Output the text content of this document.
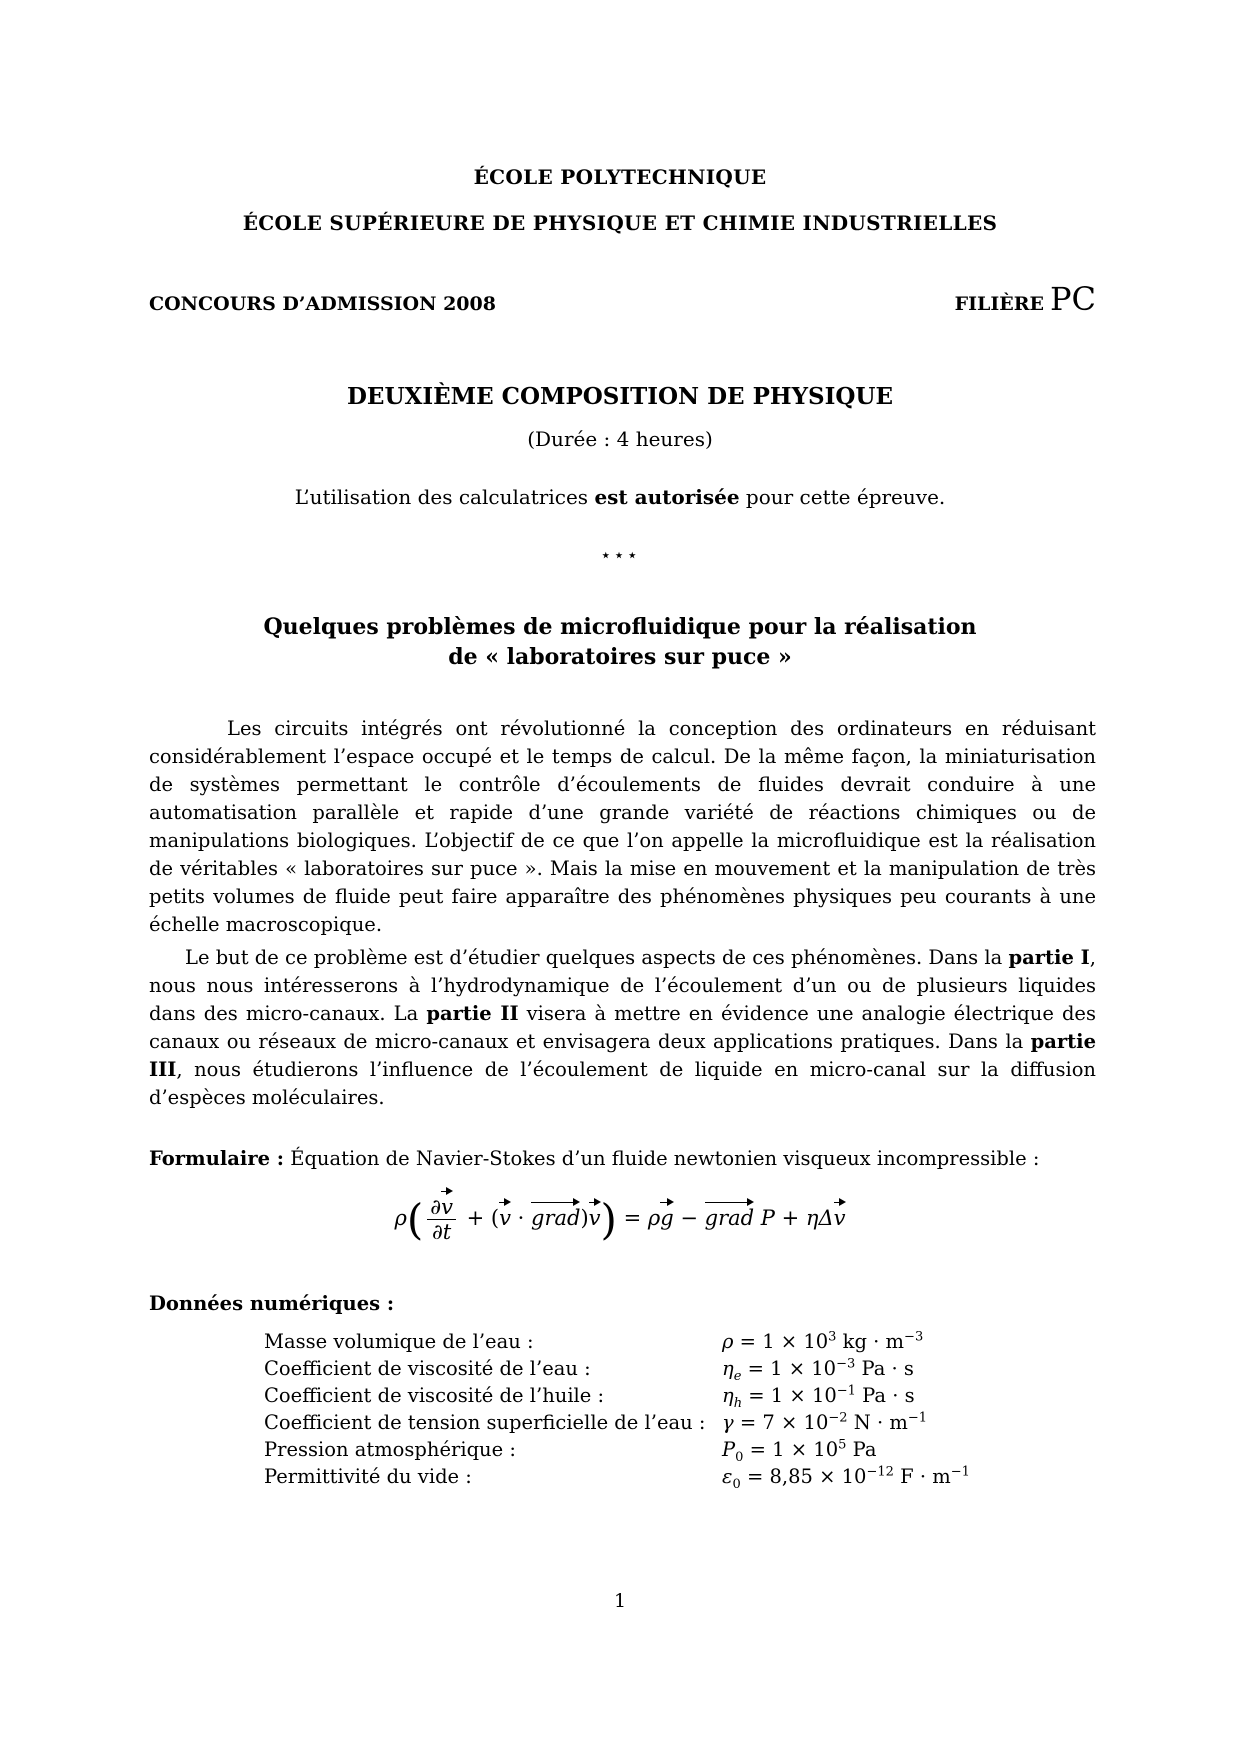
ÉCOLE POLYTECHNIQUE
ÉCOLE SUPÉRIEURE DE PHYSIQUE ET CHIMIE INDUSTRIELLES
CONCOURS D’ADMISSION 2008	FILIÈRE PC
DEUXIÈME COMPOSITION DE PHYSIQUE
(Durée : 4 heures)
L’utilisation des calculatrices est autorisée pour cette épreuve.
⋆⋆⋆
Quelques problèmes de microfluidique pour la réalisation
de « laboratoires sur puce »
Les circuits intégrés ont révolutionné la conception des ordinateurs en réduisant considérablement l’espace occupé et le temps de calcul. De la même façon, la miniaturisation de systèmes permettant le contrôle d’écoulements de fluides devrait conduire à une automatisation parallèle et rapide d’une grande variété de réactions chimiques ou de manipulations biologiques. L’objectif de ce que l’on appelle la microfluidique est la réalisation de véritables « laboratoires sur puce ». Mais la mise en mouvement et la manipulation de très petits volumes de fluide peut faire apparaître des phénomènes physiques peu courants à une échelle macroscopique.
Le but de ce problème est d’étudier quelques aspects de ces phénomènes. Dans la partie I, nous nous intéresserons à l’hydrodynamique de l’écoulement d’un ou de plusieurs liquides dans des micro-canaux. La partie II visera à mettre en évidence une analogie électrique des canaux ou réseaux de micro-canaux et envisagera deux applications pratiques. Dans la partie III, nous étudierons l’influence de l’écoulement de liquide en micro-canal sur la diffusion d’espèces moléculaires.
Formulaire : Équation de Navier-Stokes d’un fluide newtonien visqueux incompressible :
$\rho( \frac{\partial v}{\partial t} + (v$ · grad)v) = ρg − grad P + ηΔv
Données numériques :
Masse volumique de l’eau :	$\rho = 1 \times 10^3$ kg · $m^{-3}$
Coefficient de viscosité de l’eau :	$\eta_e = 1 \times 10^{-3}$ Pa · s
Coefficient de viscosité de l’huile :	$\eta_h = 1 \times 10^{-1}$ Pa · s
Coefficient de tension superficielle de l’eau : $\gamma = 7 \times 10^{-2}$ $N \cdot m^{-1}$
Pression atmosphérique :	$P_0 = 1 \times 10^5$ Pa
Permittivité du vide :	$\varepsilon_0 = 8,85 \times 10^{-12}$ $F \cdot m^{-1}$
1
